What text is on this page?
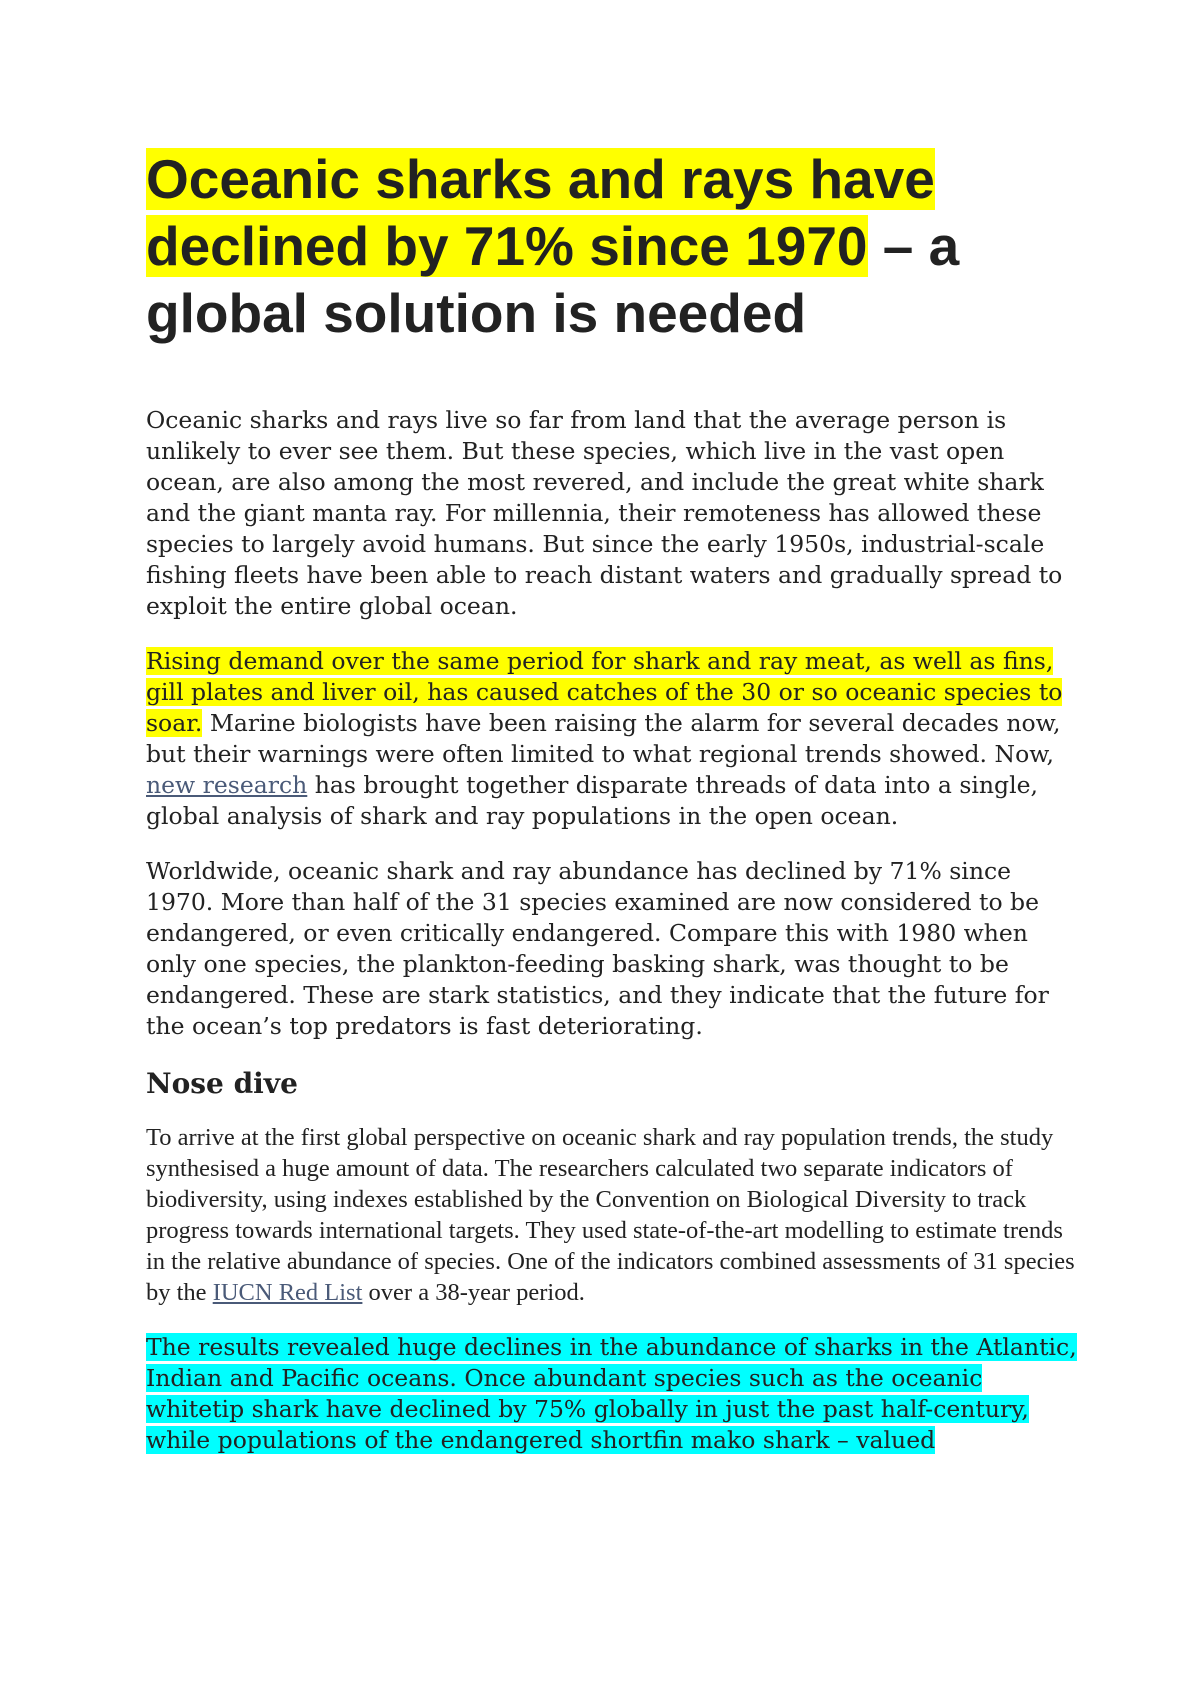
Oceanic sharks and rays have declined by 71% since 1970 – a global solution is needed

Oceanic sharks and rays live so far from land that the average person is unlikely to ever see them. But these species, which live in the vast open ocean, are also among the most revered, and include the great white shark and the giant manta ray. For millennia, their remoteness has allowed these species to largely avoid humans. But since the early 1950s, industrial-scale fishing fleets have been able to reach distant waters and gradually spread to exploit the entire global ocean.

Rising demand over the same period for shark and ray meat, as well as fins, gill plates and liver oil, has caused catches of the 30 or so oceanic species to soar. Marine biologists have been raising the alarm for several decades now, but their warnings were often limited to what regional trends showed. Now, new research has brought together disparate threads of data into a single, global analysis of shark and ray populations in the open ocean.

Worldwide, oceanic shark and ray abundance has declined by 71% since 1970. More than half of the 31 species examined are now considered to be endangered, or even critically endangered. Compare this with 1980 when only one species, the plankton-feeding basking shark, was thought to be endangered. These are stark statistics, and they indicate that the future for the ocean’s top predators is fast deteriorating.

Nose dive

To arrive at the first global perspective on oceanic shark and ray population trends, the study synthesised a huge amount of data. The researchers calculated two separate indicators of biodiversity, using indexes established by the Convention on Biological Diversity to track progress towards international targets. They used state-of-the-art modelling to estimate trends in the relative abundance of species. One of the indicators combined assessments of 31 species by the IUCN Red List over a 38-year period.

The results revealed huge declines in the abundance of sharks in the Atlantic, Indian and Pacific oceans. Once abundant species such as the oceanic whitetip shark have declined by 75% globally in just the past half-century, while populations of the endangered shortfin mako shark – valued
